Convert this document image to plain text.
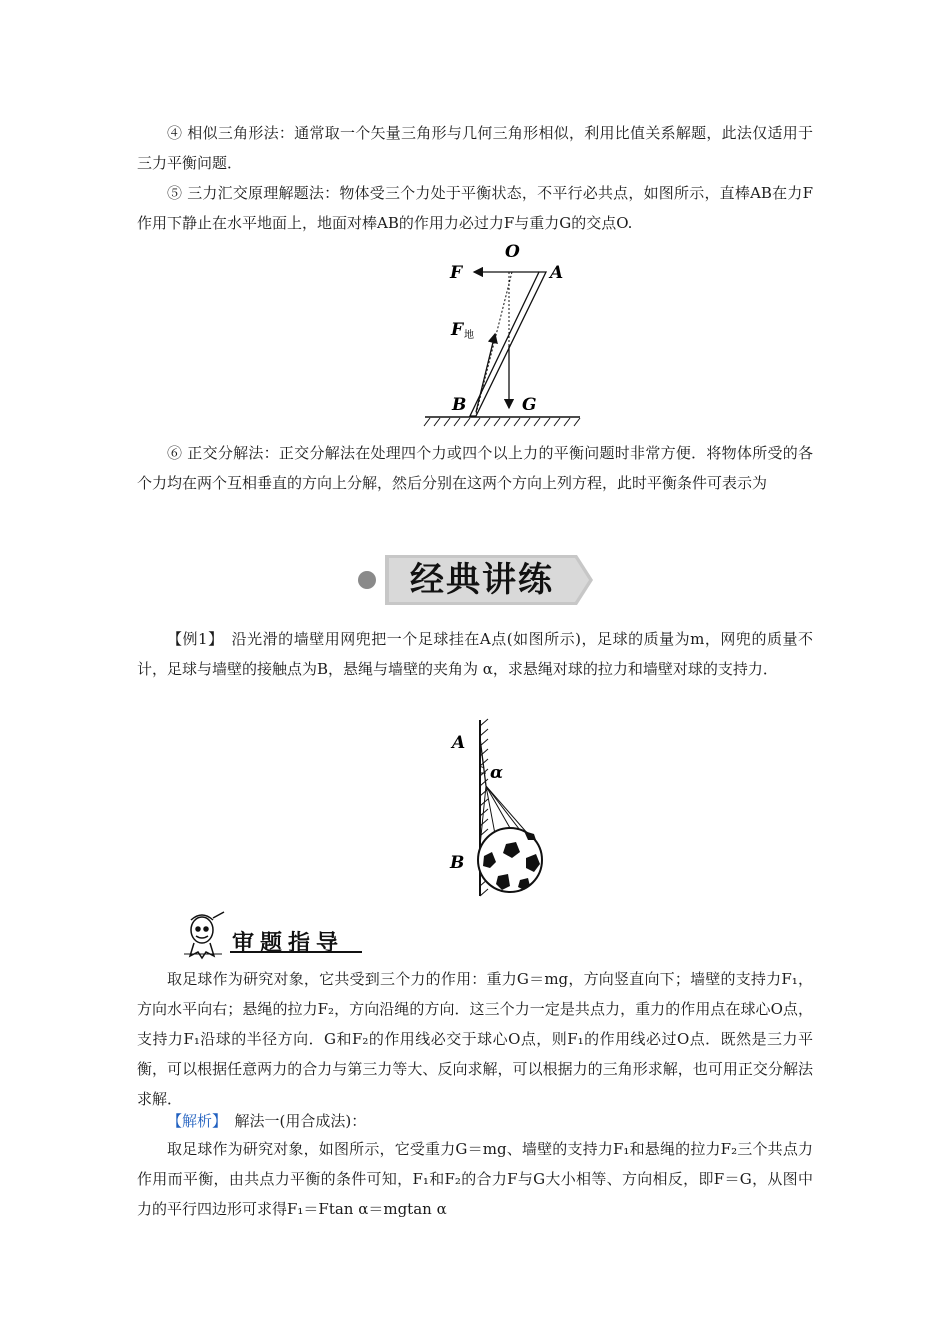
④ 相似三角形法：通常取一个矢量三角形与几何三角形相似，利用比值关系解题，此法仅适用于三力平衡问题．

⑤ 三力汇交原理解题法：物体受三个力处于平衡状态，不平行必共点，如图所示，直棒AB在力F作用下静止在水平地面上，地面对棒AB的作用力必过力F与重力G的交点O.

O
F	A
F 地
B	G

⑥ 正交分解法：正交分解法在处理四个力或四个以上力的平衡问题时非常方便．将物体所受的各个力均在两个互相垂直的方向上分解，然后分别在这两个方向上列方程，此时平衡条件可表示为

经典讲练

【例1】　沿光滑的墙壁用网兜把一个足球挂在A点(如图所示)，足球的质量为m，网兜的质量不计，足球与墙壁的接触点为B，悬绳与墙壁的夹角为 α，求悬绳对球的拉力和墙壁对球的支持力．

A
α
B
审题指导

取足球作为研究对象，它共受到三个力的作用：重力G＝mg，方向竖直向下；墙壁的支持力F₁，方向水平向右；悬绳的拉力F₂，方向沿绳的方向．这三个力一定是共点力，重力的作用点在球心O点，支持力F₁沿球的半径方向．G和F₂的作用线必交于球心O点，则F₁的作用线必过O点．既然是三力平衡，可以根据任意两力的合力与第三力等大、反向求解，可以根据力的三角形求解，也可用正交分解法求解．

【解析】　解法一(用合成法)：

取足球作为研究对象，如图所示，它受重力G＝mg、墙壁的支持力F₁和悬绳的拉力F₂三个共点力作用而平衡，由共点力平衡的条件可知，F₁和F₂的合力F与G大小相等、方向相反，即F＝G，从图中力的平行四边形可求得F₁＝Ftan α＝mgtan α
